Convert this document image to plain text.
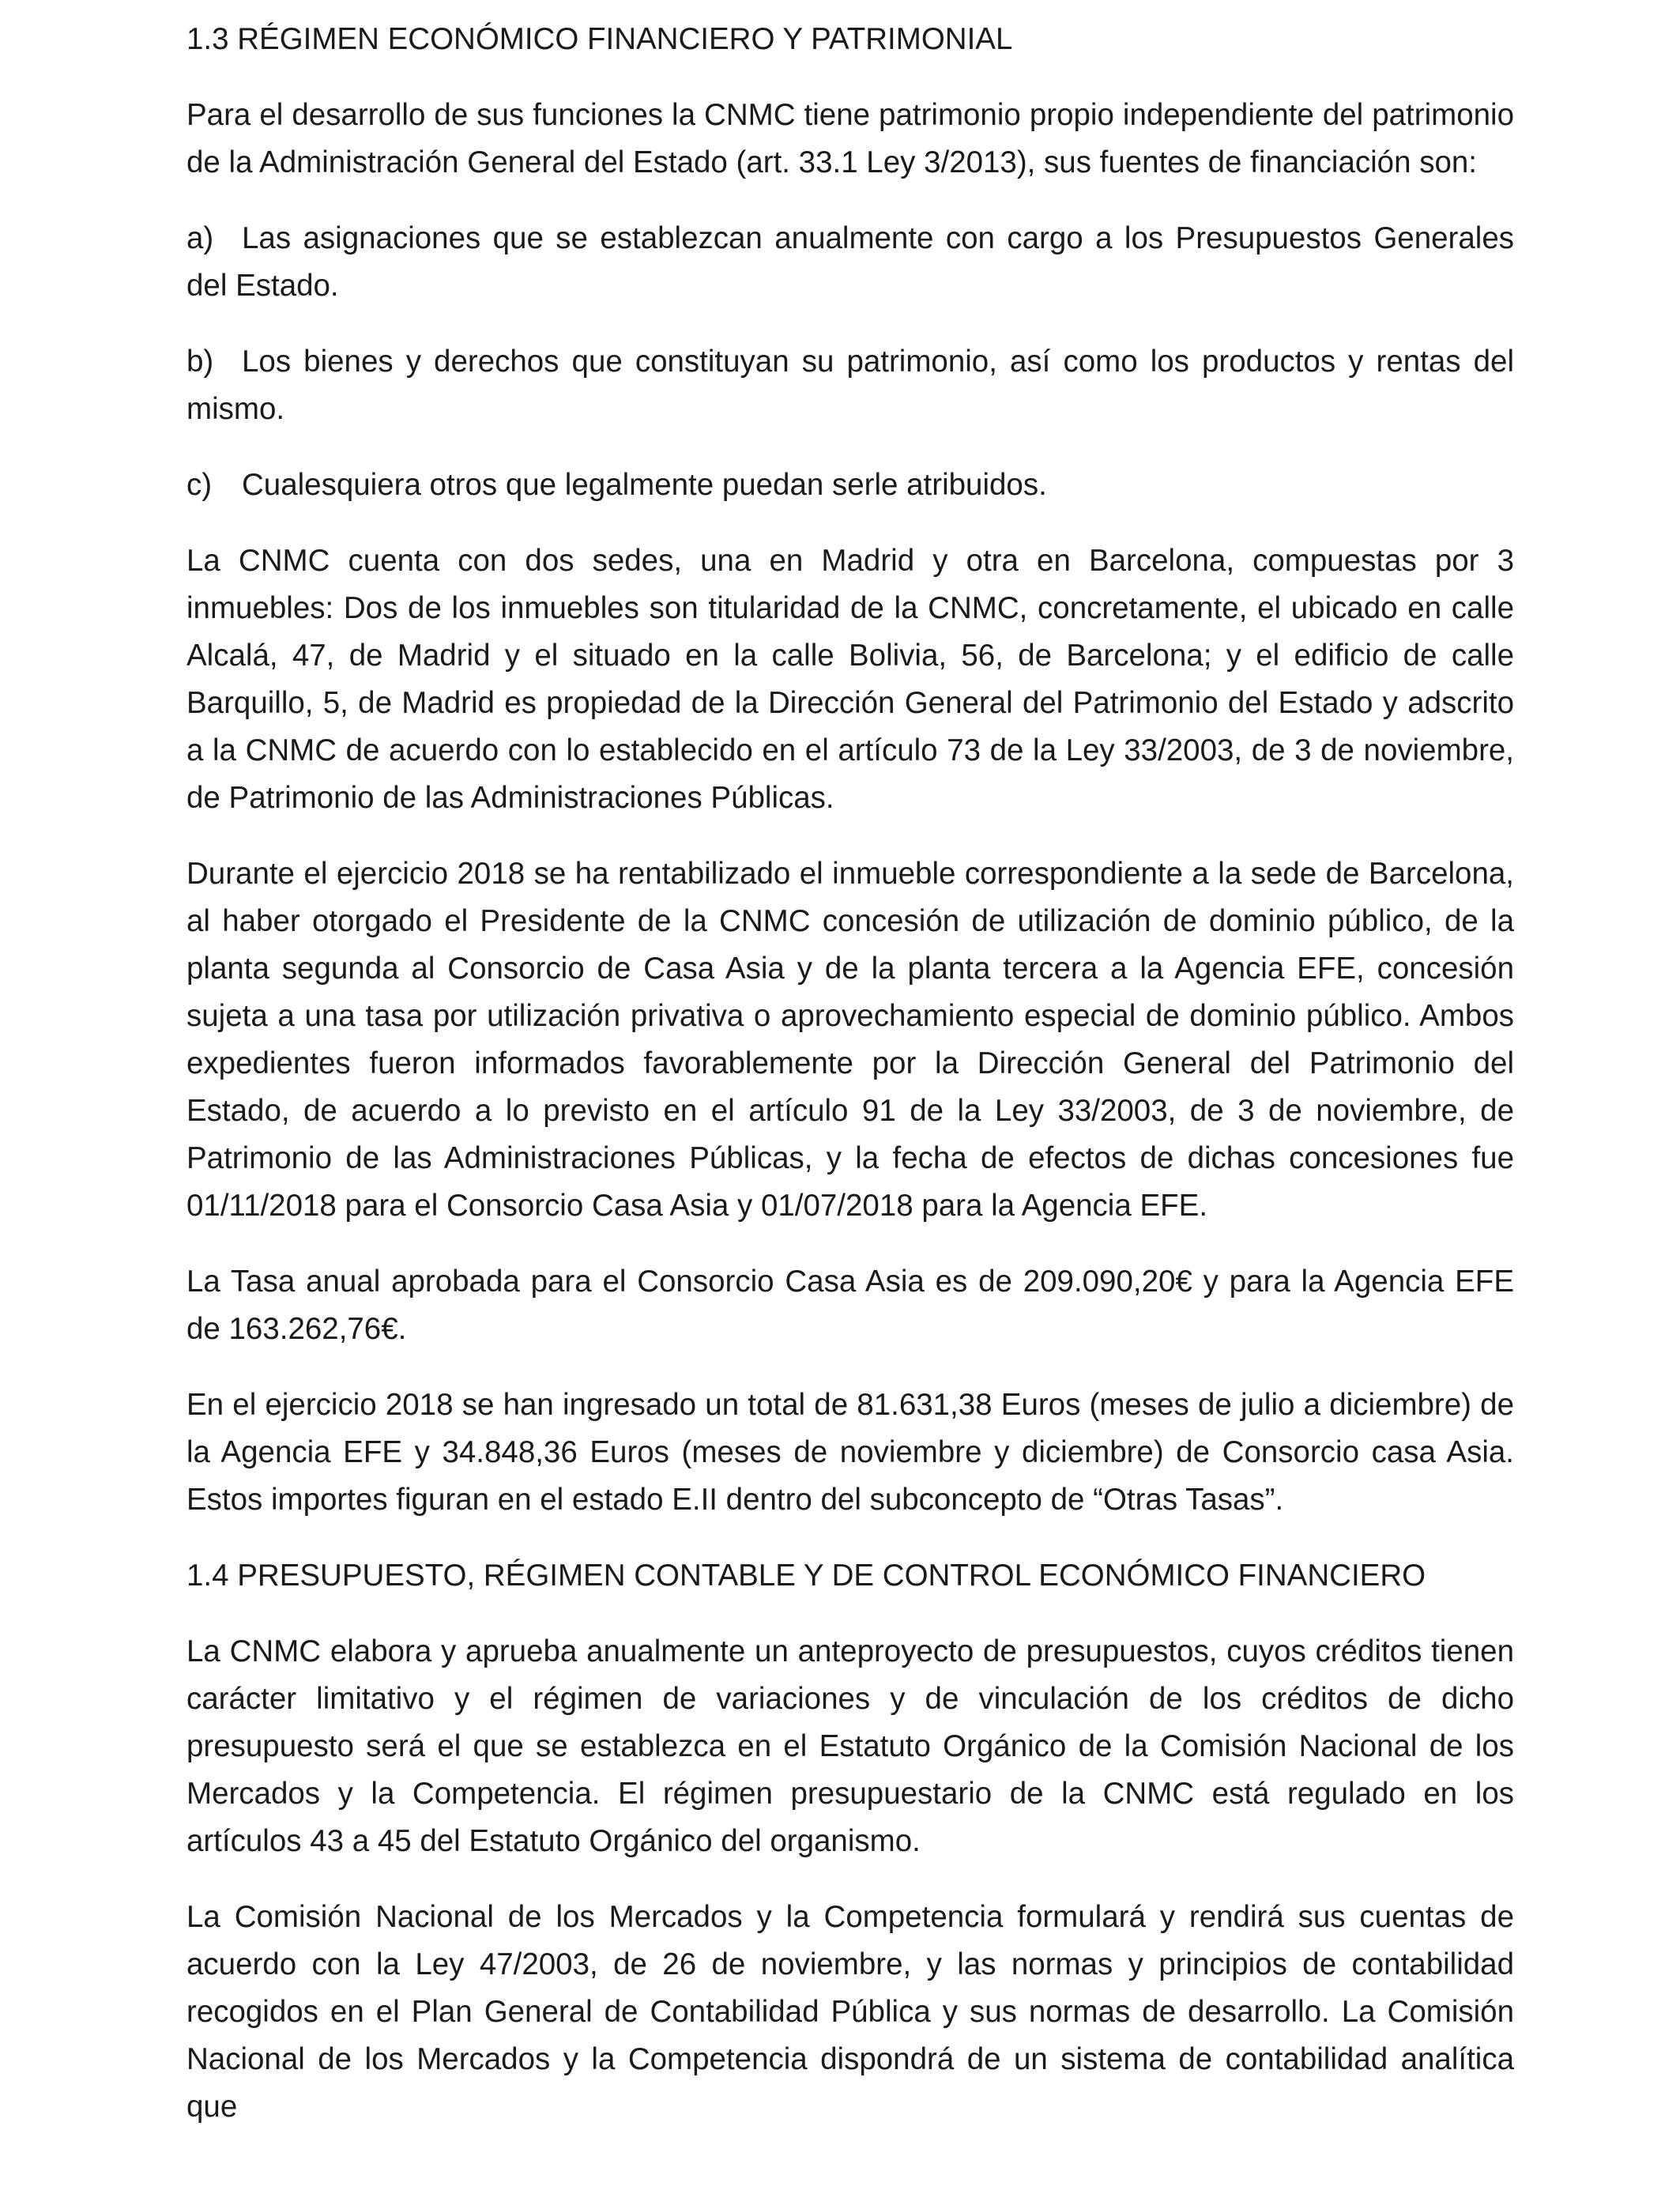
1.3 RÉGIMEN ECONÓMICO FINANCIERO Y PATRIMONIAL

Para el desarrollo de sus funciones la CNMC tiene patrimonio propio independiente del patrimonio de la Administración General del Estado (art. 33.1 Ley 3/2013), sus fuentes de financiación son:

a) Las asignaciones que se establezcan anualmente con cargo a los Presupuestos Generales del Estado.
b) Los bienes y derechos que constituyan su patrimonio, así como los productos y rentas del mismo.
c) Cualesquiera otros que legalmente puedan serle atribuidos.

La CNMC cuenta con dos sedes, una en Madrid y otra en Barcelona, compuestas por 3 inmuebles: Dos de los inmuebles son titularidad de la CNMC, concretamente, el ubicado en calle Alcalá, 47, de Madrid y el situado en la calle Bolivia, 56, de Barcelona; y el edificio de calle Barquillo, 5, de Madrid es propiedad de la Dirección General del Patrimonio del Estado y adscrito a la CNMC de acuerdo con lo establecido en el artículo 73 de la Ley 33/2003, de 3 de noviembre, de Patrimonio de las Administraciones Públicas.

Durante el ejercicio 2018 se ha rentabilizado el inmueble correspondiente a la sede de Barcelona, al haber otorgado el Presidente de la CNMC concesión de utilización de dominio público, de la planta segunda al Consorcio de Casa Asia y de la planta tercera a la Agencia EFE, concesión sujeta a una tasa por utilización privativa o aprovechamiento especial de dominio público. Ambos expedientes fueron informados favorablemente por la Dirección General del Patrimonio del Estado, de acuerdo a lo previsto en el artículo 91 de la Ley 33/2003, de 3 de noviembre, de Patrimonio de las Administraciones Públicas, y la fecha de efectos de dichas concesiones fue 01/11/2018 para el Consorcio Casa Asia y 01/07/2018 para la Agencia EFE.

La Tasa anual aprobada para el Consorcio Casa Asia es de 209.090,20€ y para la Agencia EFE de 163.262,76€.

En el ejercicio 2018 se han ingresado un total de 81.631,38 Euros (meses de julio a diciembre) de la Agencia EFE y 34.848,36 Euros (meses de noviembre y diciembre) de Consorcio casa Asia. Estos importes figuran en el estado E.II dentro del subconcepto de “Otras Tasas”.

1.4 PRESUPUESTO, RÉGIMEN CONTABLE Y DE CONTROL ECONÓMICO FINANCIERO

La CNMC elabora y aprueba anualmente un anteproyecto de presupuestos, cuyos créditos tienen carácter limitativo y el régimen de variaciones y de vinculación de los créditos de dicho presupuesto será el que se establezca en el Estatuto Orgánico de la Comisión Nacional de los Mercados y la Competencia. El régimen presupuestario de la CNMC está regulado en los artículos 43 a 45 del Estatuto Orgánico del organismo.

La Comisión Nacional de los Mercados y la Competencia formulará y rendirá sus cuentas de acuerdo con la Ley 47/2003, de 26 de noviembre, y las normas y principios de contabilidad recogidos en el Plan General de Contabilidad Pública y sus normas de desarrollo. La Comisión Nacional de los Mercados y la Competencia dispondrá de un sistema de contabilidad analítica que
